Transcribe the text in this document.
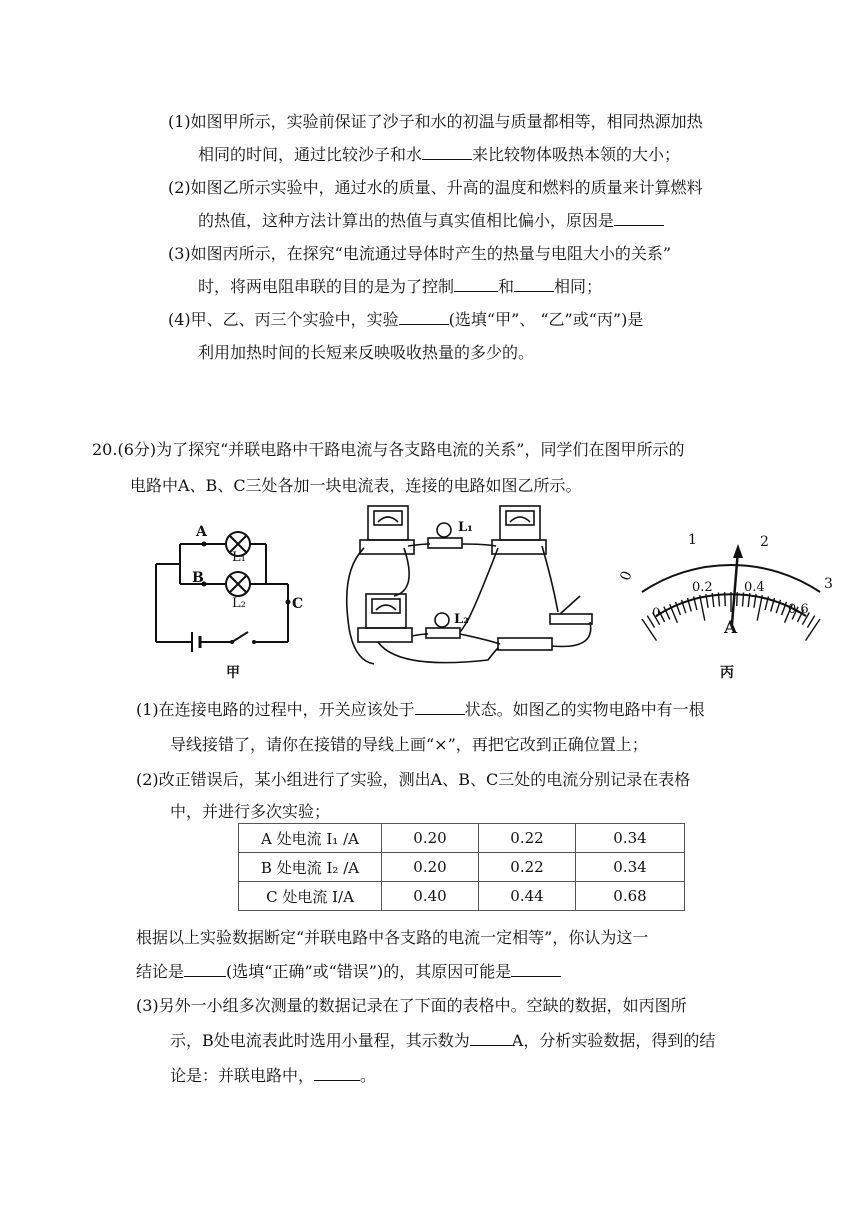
(1)如图甲所示，实验前保证了沙子和水的初温与质量都相等，相同热源加热
相同的时间，通过比较沙子和水	来比较物体吸热本领的大小；
(2)如图乙所示实验中，通过水的质量、升高的温度和燃料的质量来计算燃料
的热值，这种方法计算出的热值与真实值相比偏小，原因是
(3)如图丙所示，在探究“电流通过导体时产生的热量与电阻大小的关系”
时，将两电阻串联的目的是为了控制	和	相同；
(4)甲、乙、丙三个实验中，实验	(选填“甲”、 “乙”或“丙”)是
利用加热时间的长短来反映吸收热量的多少的。
20.(6分)为了探究“并联电路中干路电流与各支路电流的关系”，同学们在图甲所示的
电路中A、B、C三处各加一块电流表，连接的电路如图乙所示。
A
B
C
L₁
L₂
甲
L₁
L₂
0
1	2
3
0
0.2 0.4
0.6
A
丙
(1)在连接电路的过程中，开关应该处于	状态。如图乙的实物电路中有一根
导线接错了，请你在接错的导线上画“×”，再把它改到正确位置上；
(2)改正错误后，某小组进行了实验，测出A、B、C三处的电流分别记录在表格
中，并进行多次实验；
A 处电流 I₁ /A	0.20	0.22	0.34
B 处电流 I₂ /A	0.20	0.22	0.34
C 处电流 I/A	0.40	0.44	0.68
根据以上实验数据断定“并联电路中各支路的电流一定相等”，你认为这一
结论是	(选填“正确”或“错误”)的，其原因可能是
(3)另外一小组多次测量的数据记录在了下面的表格中。空缺的数据，如丙图所
示，B处电流表此时选用小量程，其示数为	A，分析实验数据，得到的结
论是：并联电路中，	。
